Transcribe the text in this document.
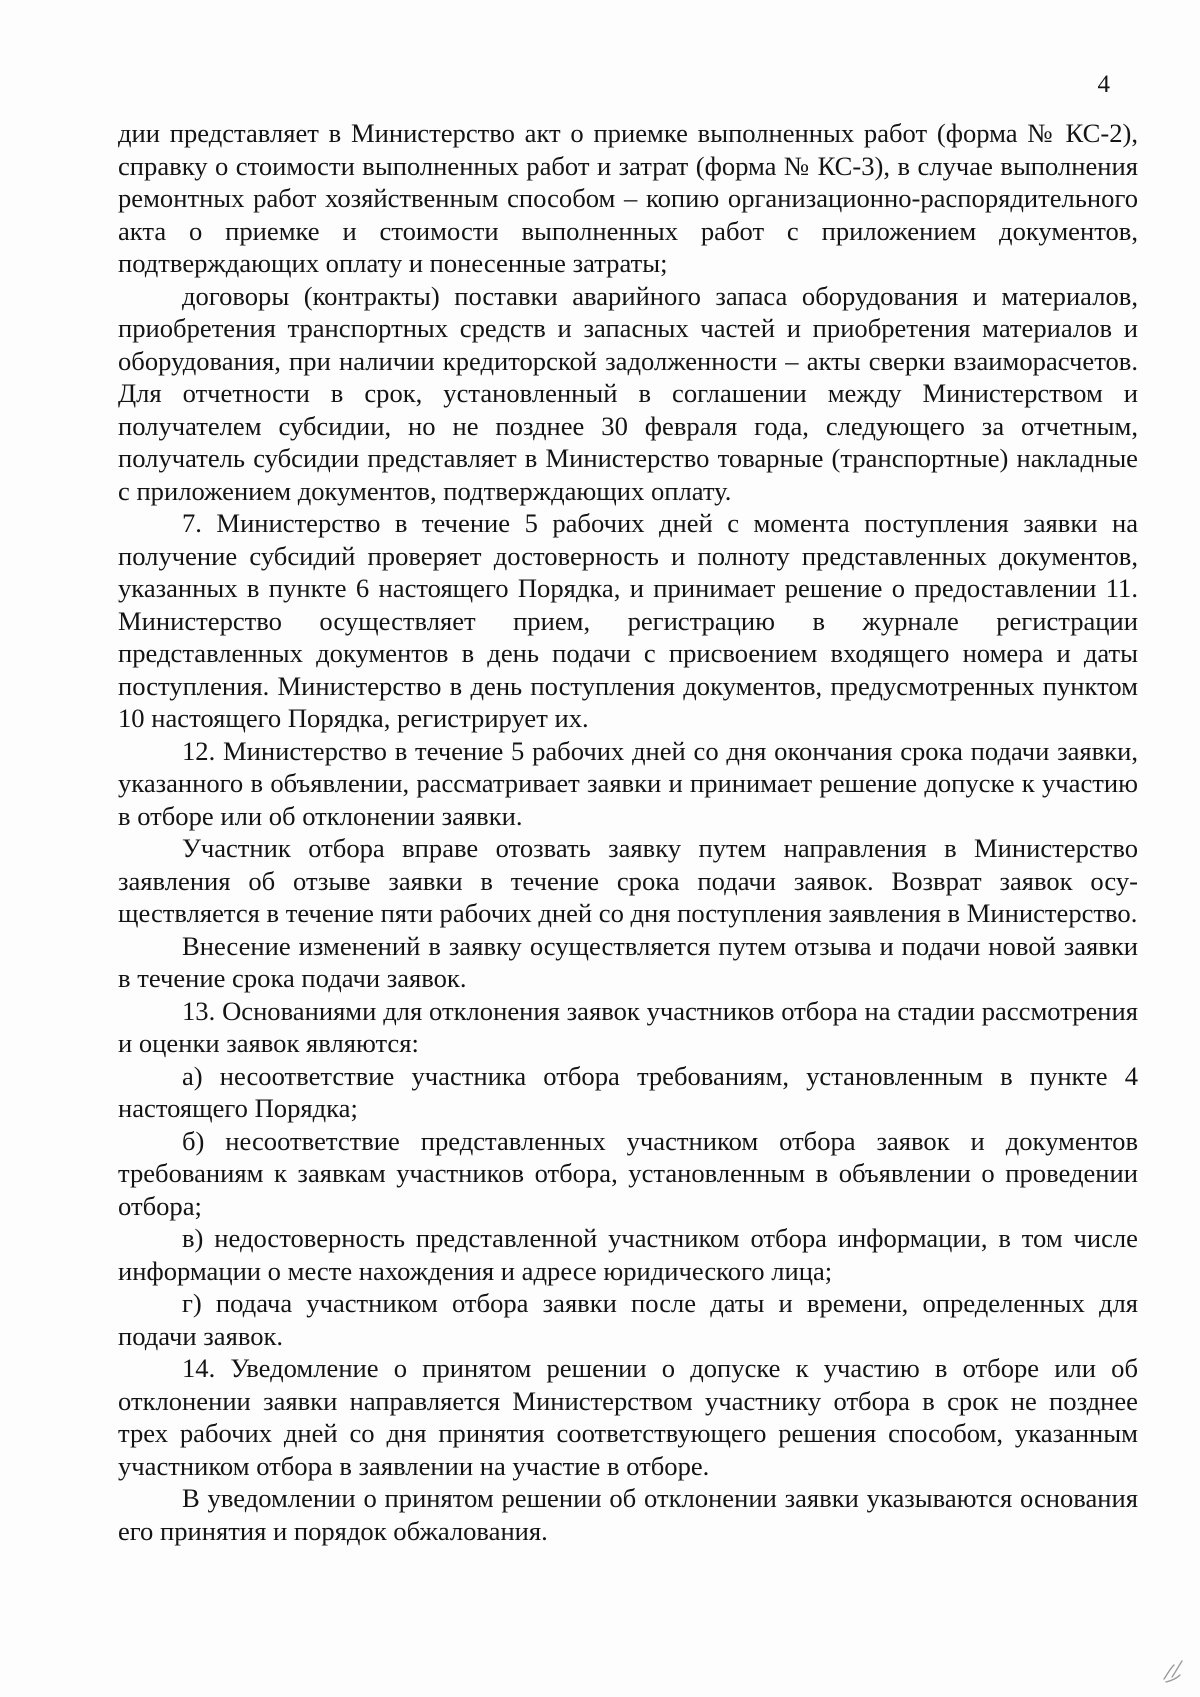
4

дии представляет в Министерство акт о приемке выполненных работ (форма № КС-2), справку о стоимости выполненных работ и затрат (форма № КС-3), в случае выполнения ремонтных работ хозяйственным способом – копию организационно-распорядительного акта о приемке и стоимости выполненных работ с приложением документов, подтверждающих оплату и понесенные затраты;

договоры (контракты) поставки аварийного запаса оборудования и материалов, приобретения транспортных средств и запасных частей и приобретения материалов и оборудования, при наличии кредиторской задолженности – акты сверки взаиморасчетов. Для отчетности в срок, установленный в соглашении между Министерством и получателем субсидии, но не позднее 30 февраля года, следующего за отчетным, получатель субсидии представляет в Министерство товарные (транспортные) накладные с приложением документов, подтверждающих оплату.

7. Министерство в течение 5 рабочих дней с момента поступления заявки на получение субсидий проверяет достоверность и полноту представленных документов, указанных в пункте 6 настоящего Порядка, и принимает решение о предоставлении 11. Министерство осуществляет прием, регистрацию в журнале регистрации представленных документов в день подачи с присвоением входящего номера и даты поступления. Министерство в день поступления документов, предусмотренных пунктом 10 настоящего Порядка, регистрирует их.

12. Министерство в течение 5 рабочих дней со дня окончания срока подачи заявки, указанного в объявлении, рассматривает заявки и принимает решение допуске к участию в отборе или об отклонении заявки.

Участник отбора вправе отозвать заявку путем направления в Министерство заявления об отзыве заявки в течение срока подачи заявок. Возврат заявок осуществляется в течение пяти рабочих дней со дня поступления заявления в Министерство.

Внесение изменений в заявку осуществляется путем отзыва и подачи новой заявки в течение срока подачи заявок.

13. Основаниями для отклонения заявок участников отбора на стадии рассмотрения и оценки заявок являются:

а) несоответствие участника отбора требованиям, установленным в пункте 4 настоящего Порядка;

б) несоответствие представленных участником отбора заявок и документов требованиям к заявкам участников отбора, установленным в объявлении о проведении отбора;

в) недостоверность представленной участником отбора информации, в том числе информации о месте нахождения и адресе юридического лица;

г) подача участником отбора заявки после даты и времени, определенных для подачи заявок.

14. Уведомление о принятом решении о допуске к участию в отборе или об отклонении заявки направляется Министерством участнику отбора в срок не позднее трех рабочих дней со дня принятия соответствующего решения способом, указанным участником отбора в заявлении на участие в отборе.

В уведомлении о принятом решении об отклонении заявки указываются основания его принятия и порядок обжалования.
